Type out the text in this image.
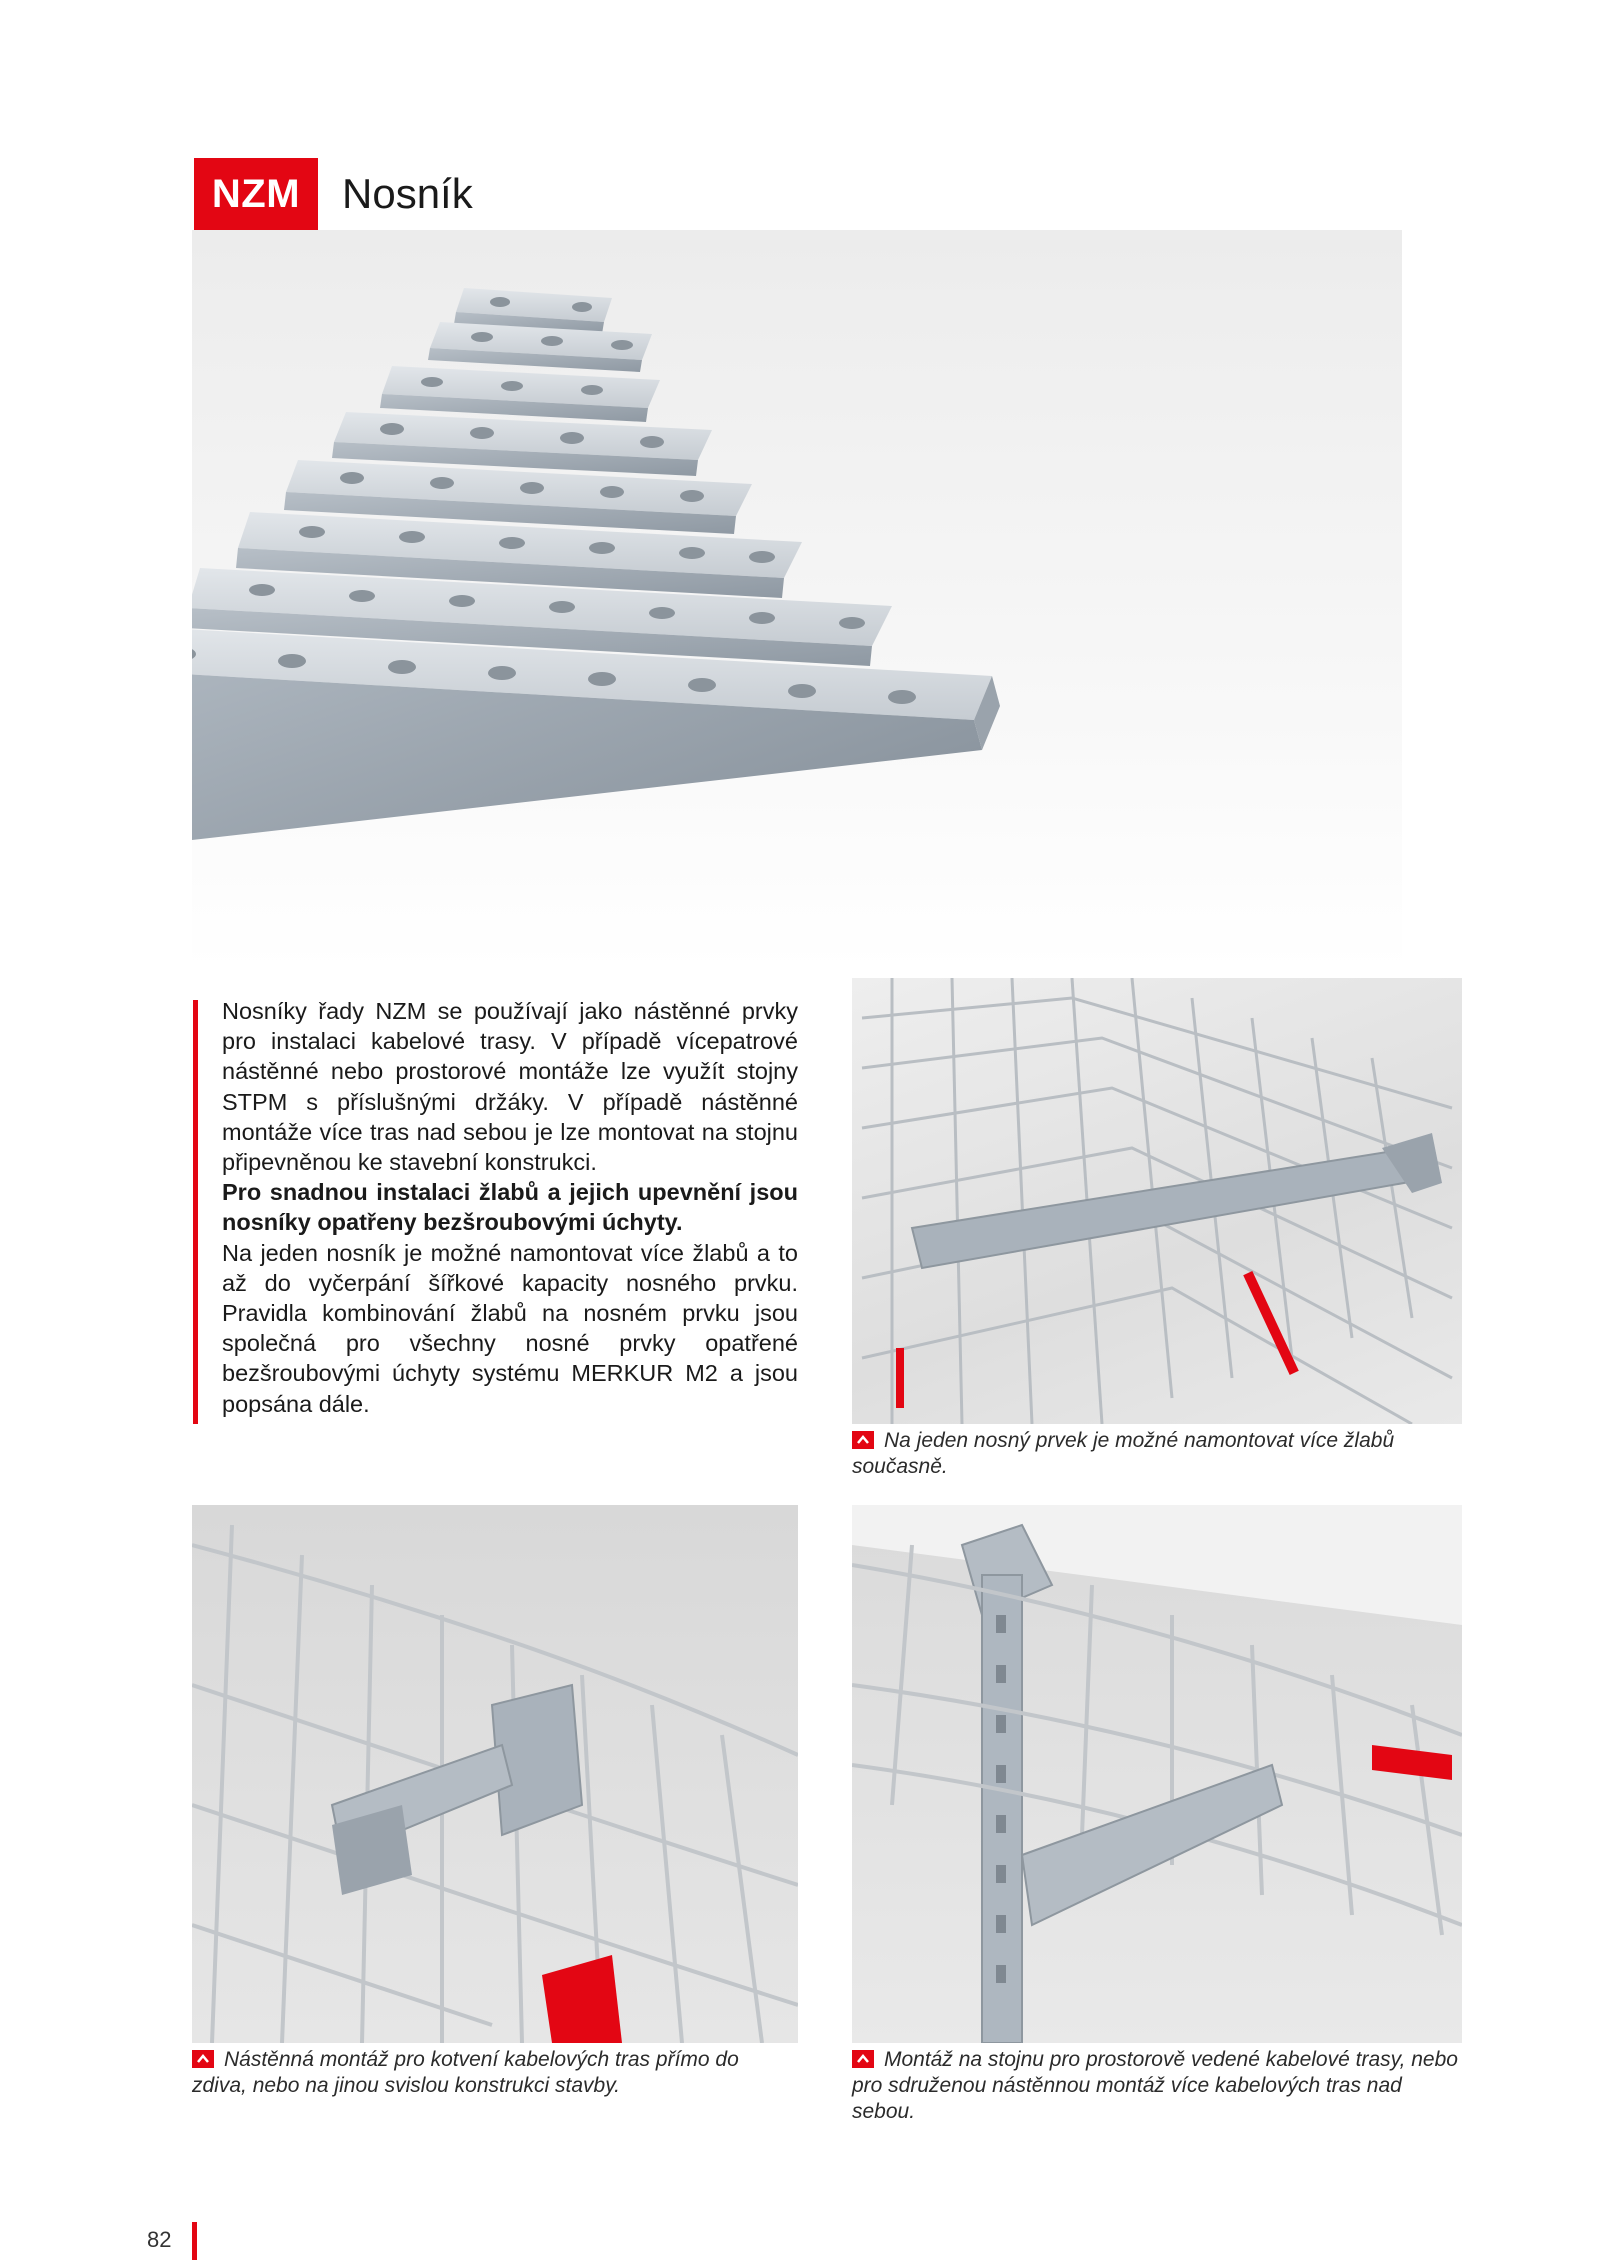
NZM Nosník

Nosníky řady NZM se používají jako nástěnné prvky pro instalaci kabelové trasy. V případě vícepatrové nástěnné nebo prostorové montáže lze využít stojny STPM s příslušnými držáky. V případě nástěnné montáže více tras nad sebou je lze montovat na stojnu připevněnou ke stavební konstrukci.

Pro snadnou instalaci žlabů a jejich upevnění jsou nosníky opatřeny bezšroubovými úchyty.

Na jeden nosník je možné namontovat více žlabů a to až do vyčerpání šířkové kapacity nosného prvku. Pravidla kombinování žlabů na nosném prvku jsou společná pro všechny nosné prvky opatřené bezšroubovými úchyty systému MERKUR M2 a jsou popsána dále.

Na jeden nosný prvek je možné namontovat více žlabů současně.
Nástěnná montáž pro kotvení kabelových tras přímo do zdiva, nebo na jinou svislou konstrukci stavby.
Montáž na stojnu pro prostorově vedené kabelové trasy, nebo pro sdruženou nástěnnou montáž více kabelových tras nad sebou.
82
